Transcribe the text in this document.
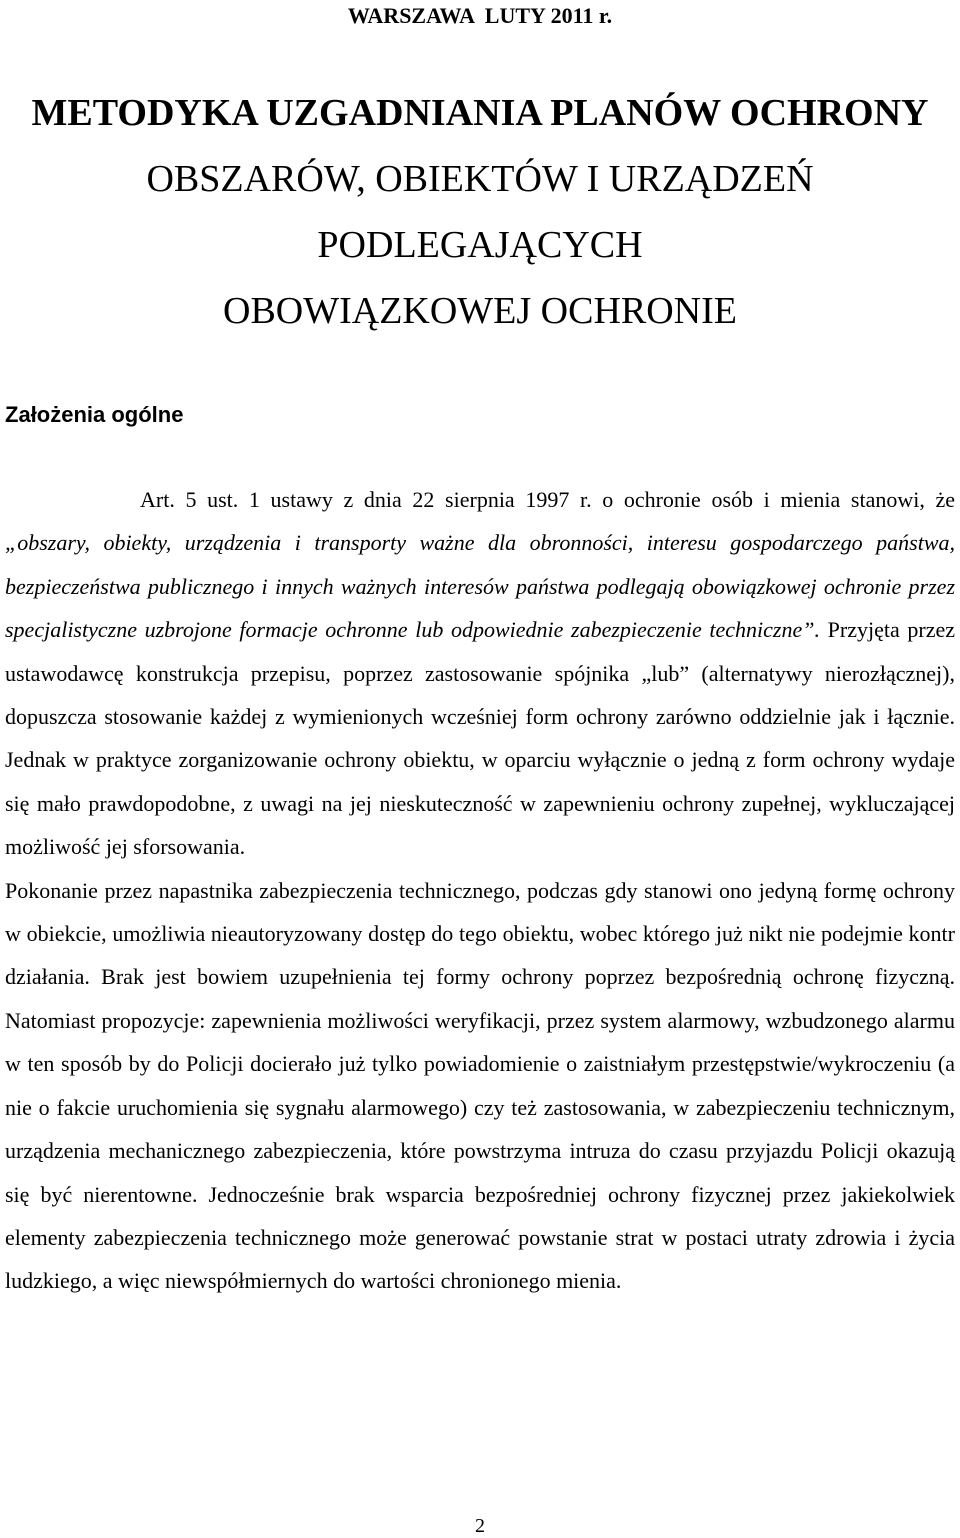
WARSZAWA  LUTY 2011 r.
METODYKA UZGADNIANIA PLANÓW OCHRONY
OBSZARÓW, OBIEKTÓW I URZĄDZEŃ
PODLEGAJĄCYCH
OBOWIĄZKOWEJ OCHRONIE
Założenia ogólne

Art. 5 ust. 1 ustawy z dnia 22 sierpnia 1997 r. o ochronie osób i mienia stanowi, że „obszary, obiekty, urządzenia i transporty ważne dla obronności, interesu gospodarczego państwa, bezpieczeństwa publicznego i innych ważnych interesów państwa podlegają obowiązkowej ochronie przez specjalistyczne uzbrojone formacje ochronne lub odpowiednie zabezpieczenie techniczne”. Przyjęta przez ustawodawcę konstrukcja przepisu, poprzez zastosowanie spójnika „lub” (alternatywy nierozłącznej), dopuszcza stosowanie każdej z wymienionych wcześniej form ochrony zarówno oddzielnie jak i łącznie. Jednak w praktyce zorganizowanie ochrony obiektu, w oparciu wyłącznie o jedną z form ochrony wydaje się mało prawdopodobne, z uwagi na jej nieskuteczność w zapewnieniu ochrony zupełnej, wykluczającej możliwość jej sforsowania.

Pokonanie przez napastnika zabezpieczenia technicznego, podczas gdy stanowi ono jedyną formę ochrony w obiekcie, umożliwia nieautoryzowany dostęp do tego obiektu, wobec którego już nikt nie podejmie kontr działania. Brak jest bowiem uzupełnienia tej formy ochrony poprzez bezpośrednią ochronę fizyczną. Natomiast propozycje: zapewnienia możliwości weryfikacji, przez system alarmowy, wzbudzonego alarmu w ten sposób by do Policji docierało już tylko powiadomienie o zaistniałym przestępstwie/wykroczeniu (a nie o fakcie uruchomienia się sygnału alarmowego) czy też zastosowania, w zabezpieczeniu technicznym, urządzenia mechanicznego zabezpieczenia, które powstrzyma intruza do czasu przyjazdu Policji okazują się być nierentowne. Jednocześnie brak wsparcia bezpośredniej ochrony fizycznej przez jakiekolwiek elementy zabezpieczenia technicznego może generować powstanie strat w postaci utraty zdrowia i życia ludzkiego, a więc niewspółmiernych do wartości chronionego mienia.

2
